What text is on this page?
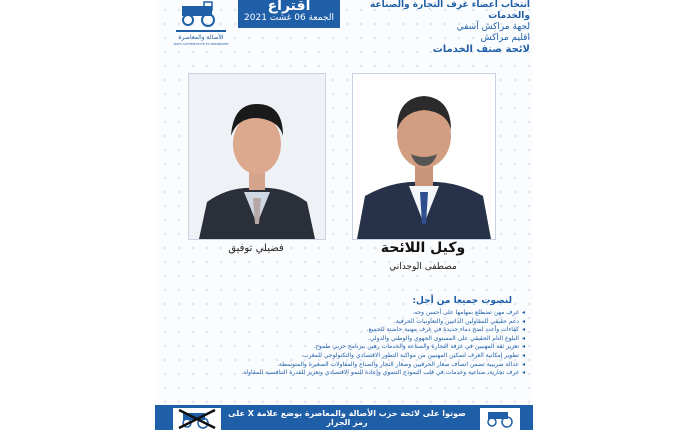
الأصالة والمعاصرة
PARTI AUTHENTICITÉ ET MODERNITÉ
اقتراع
الجمعة 06 غشت 2021
انتخاب أعضاء غرف التجارة والصناعة والخدمات
لجهة مراكش آسفي
اقليم مراكش
لائحة صنف الخدمات
فضيلي توفيق	وكيل اللائحة
مصطفى الوجداني
لنصوت جميعا من أجل:
◂غرف مهن تضطلع بمهامها على أحسن وجه.
◂دعم حقيقي للمقاولين الذاتيين والتعاونيات الحرفية.
◂كفاءات وأعدد لضخ دماء جديدة في غرف مهنية حاضنة للجميع.
◂البلوغ التام الحقيقي على المستوى الجهوي والوطني والدولي.
◂تعزيز ثقة المهنيين في غرفة التجارة والصناعة والخدمات رهين ببرنامج حزبي طموح.
◂تطوير إمكانية الغرف لتمكين المهنيين من مواكبة التطور الاقتصادي والتكنولوجي للمغرب.
◂عدالة ضريبية تضمن انصاف صغار الحرفيين وصغار التجار والصناع والمقاولات الصغيرة والمتوسطة.
◂غرف تجارية، صناعية وخدمات في قلب النموذج التنموي وإعادة للنمو الاقتصادي وتعزيز للقدرة التنافسية للمقاولة.
صوتوا على لائحة حزب الأصالة والمعاصرة بوضع علامة X على رمز الجرار
